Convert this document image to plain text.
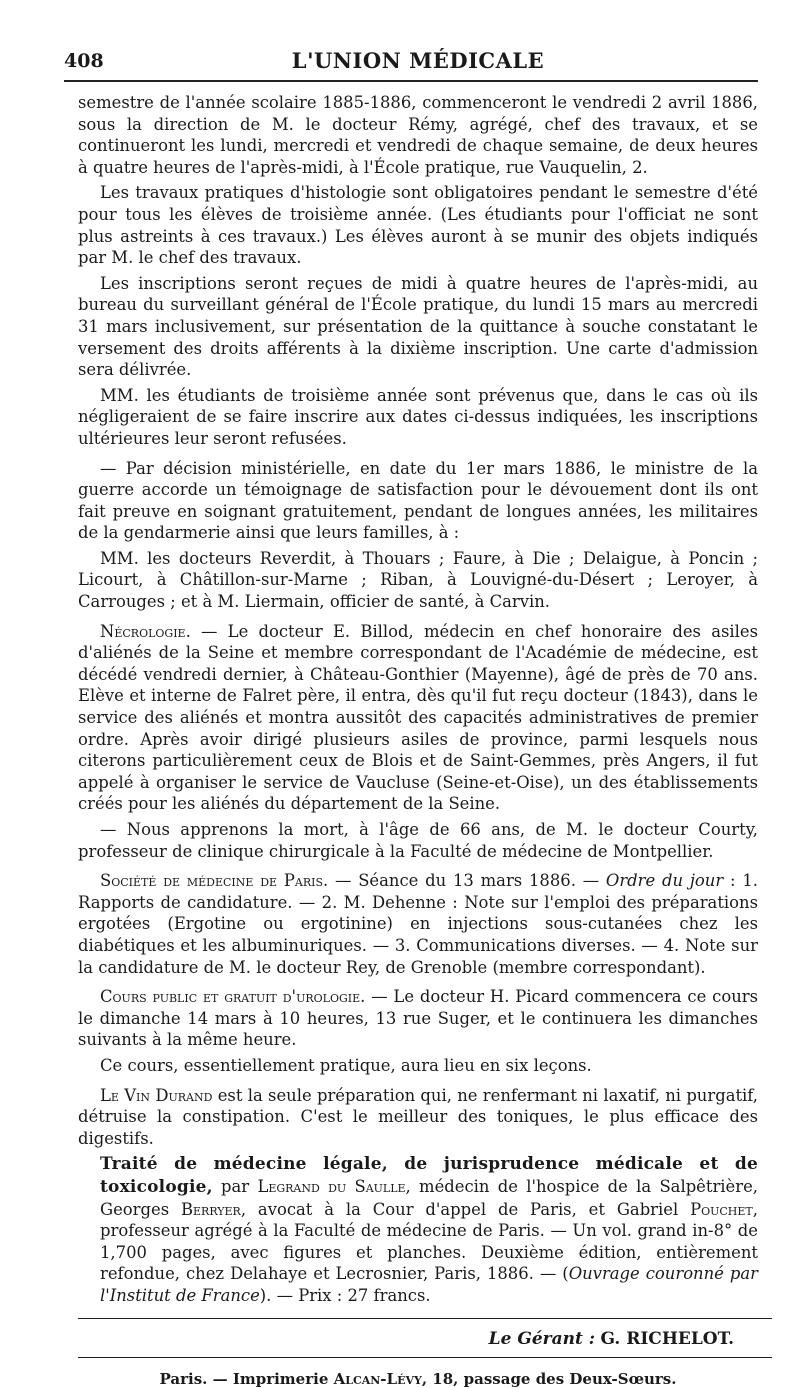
408	L'UNION MÉDICALE

semestre de l'année scolaire 1885-1886, commenceront le vendredi 2 avril 1886, sous la direction de M. le docteur Rémy, agrégé, chef des travaux, et se continueront les lundi, mercredi et vendredi de chaque semaine, de deux heures à quatre heures de l'après-midi, à l'École pratique, rue Vauquelin, 2.

Les travaux pratiques d'histologie sont obligatoires pendant le semestre d'été pour tous les élèves de troisième année. (Les étudiants pour l'officiat ne sont plus astreints à ces travaux.) Les élèves auront à se munir des objets indiqués par M. le chef des travaux.

Les inscriptions seront reçues de midi à quatre heures de l'après-midi, au bureau du surveillant général de l'École pratique, du lundi 15 mars au mercredi 31 mars inclusivement, sur présentation de la quittance à souche constatant le versement des droits afférents à la dixième inscription. Une carte d'admission sera délivrée.

MM. les étudiants de troisième année sont prévenus que, dans le cas où ils négligeraient de se faire inscrire aux dates ci-dessus indiquées, les inscriptions ultérieures leur seront refusées.

— Par décision ministérielle, en date du 1er mars 1886, le ministre de la guerre accorde un témoignage de satisfaction pour le dévouement dont ils ont fait preuve en soignant gratuitement, pendant de longues années, les militaires de la gendarmerie ainsi que leurs familles, à :

MM. les docteurs Reverdit, à Thouars ; Faure, à Die ; Delaigue, à Poncin ; Licourt, à Châtillon-sur-Marne ; Riban, à Louvigné-du-Désert ; Leroyer, à Carrouges ; et à M. Liermain, officier de santé, à Carvin.

Nécrologie. — Le docteur E. Billod, médecin en chef honoraire des asiles d'aliénés de la Seine et membre correspondant de l'Académie de médecine, est décédé vendredi dernier, à Château-Gonthier (Mayenne), âgé de près de 70 ans. Elève et interne de Falret père, il entra, dès qu'il fut reçu docteur (1843), dans le service des aliénés et montra aussitôt des capacités administratives de premier ordre. Après avoir dirigé plusieurs asiles de province, parmi lesquels nous citerons particulièrement ceux de Blois et de Saint-Gemmes, près Angers, il fut appelé à organiser le service de Vaucluse (Seine-et-Oise), un des établissements créés pour les aliénés du département de la Seine.

— Nous apprenons la mort, à l'âge de 66 ans, de M. le docteur Courty, professeur de clinique chirurgicale à la Faculté de médecine de Montpellier.

Société de médecine de Paris. — Séance du 13 mars 1886. — Ordre du jour : 1. Rapports de candidature. — 2. M. Dehenne : Note sur l'emploi des préparations ergotées (Ergotine ou ergotinine) en injections sous-cutanées chez les diabétiques et les albuminuriques. — 3. Communications diverses. — 4. Note sur la candidature de M. le docteur Rey, de Grenoble (membre correspondant).

Cours public et gratuit d'urologie. — Le docteur H. Picard commencera ce cours le dimanche 14 mars à 10 heures, 13 rue Suger, et le continuera les dimanches suivants à la même heure.

Ce cours, essentiellement pratique, aura lieu en six leçons.

Le Vin Durand est la seule préparation qui, ne renfermant ni laxatif, ni purgatif, détruise la constipation. C'est le meilleur des toniques, le plus efficace des digestifs.

Traité de médecine légale, de jurisprudence médicale et de toxicologie, par Legrand du Saulle, médecin de l'hospice de la Salpêtrière, Georges Berryer, avocat à la Cour d'appel de Paris, et Gabriel Pouchet, professeur agrégé à la Faculté de médecine de Paris. — Un vol. grand in-8° de 1,700 pages, avec figures et planches. Deuxième édition, entièrement refondue, chez Delahaye et Lecrosnier, Paris, 1886. — (Ouvrage couronné par l'Institut de France). — Prix : 27 francs.

Le Gérant : G. RICHELOT.
Paris. — Imprimerie Alcan-Lévy, 18, passage des Deux-Sœurs.
